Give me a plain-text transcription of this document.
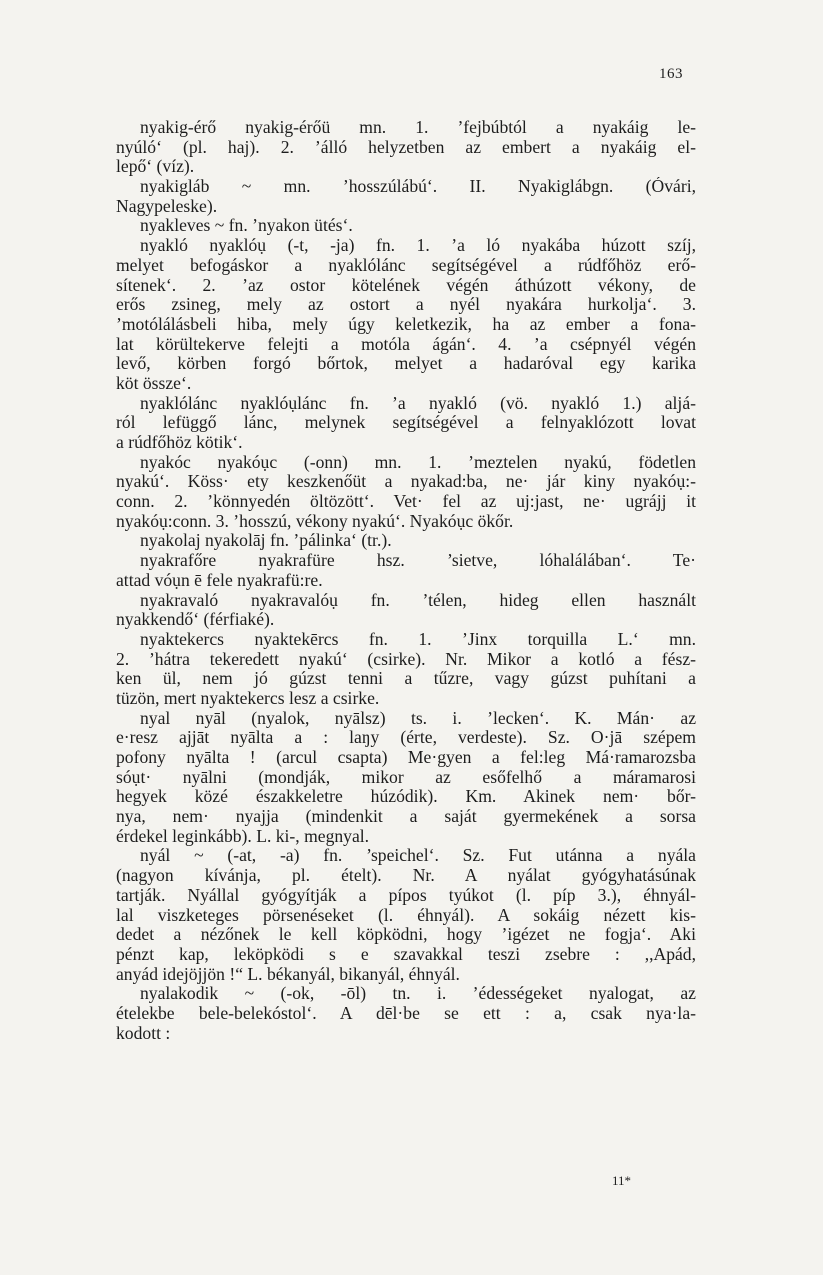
163
nyakig-érő nyakig-érőü mn. 1. ’fejbúbtól a nyakáig le-
nyúló‘ (pl. haj). 2. ’álló helyzetben az embert a nyakáig el-
lepő‘ (víz).
nyakigláb ~ mn. ’hosszúlábú‘. II. Nyakiglábgn. (Óvári,
Nagypeleske).
nyakleves ~ fn. ’nyakon ütés‘.
nyakló nyaklóụ (-t, -ja) fn. 1. ’a ló nyakába húzott szíj,
melyet befogáskor a nyaklólánc segítségével a rúdfőhöz erő-
sítenek‘. 2. ’az ostor kötelének végén áthúzott vékony, de
erős zsineg, mely az ostort a nyél nyakára hurkolja‘. 3.
’motólálásbeli hiba, mely úgy keletkezik, ha az ember a fona-
lat körültekerve felejti a motóla ágán‘. 4. ’a csépnyél végén
levő, körben forgó bőrtok, melyet a hadaróval egy karika
köt össze‘.
nyaklólánc nyaklóụlánc fn. ’a nyakló (vö. nyakló 1.) aljá-
ról lefüggő lánc, melynek segítségével a felnyaklózott lovat
a rúdfőhöz kötik‘.
nyakóc nyakóục (-onn) mn. 1. ’meztelen nyakú, födetlen
nyakú‘. Köss· ety keszkenőüt a nyakad:ba, ne· jár kiny nyakóụ:-
conn. 2. ’könnyedén öltözött‘. Vet· fel az uj:jast, ne· ugrájj it
nyakóụ:conn. 3. ’hosszú, vékony nyakú‘. Nyakóục ökőr.
nyakolaj nyakolāj fn. ’pálinka‘ (tr.).
nyakrafőre nyakrafüre hsz. ’sietve, lóhalálában‘. Te·
attad vóụn ē fele nyakrafü:re.
nyakravaló nyakravalóụ fn. ’télen, hideg ellen használt
nyakkendő‘ (férfiaké).
nyaktekercs nyaktekērcs fn. 1. ’Jinx torquilla L.‘ mn.
2. ’hátra tekeredett nyakú‘ (csirke). Nr. Mikor a kotló a fész-
ken ül, nem jó gúzst tenni a tűzre, vagy gúzst puhítani a
tüzön, mert nyaktekercs lesz a csirke.
nyal nyāl (nyalok, nyālsz) ts. i. ’lecken‘. K. Mán· az
e·resz ajjāt nyālta a : laŋy (érte, verdeste). Sz. O·jā szépem
pofony nyālta ! (arcul csapta) Me·gyen a fel:leg Má·ramarozsba
sóụt· nyālni (mondják, mikor az esőfelhő a máramarosi
hegyek közé északkeletre húzódik). Km. Akinek nem· bőr-
nya, nem· nyajja (mindenkit a saját gyermekének a sorsa
érdekel leginkább). L. ki-, megnyal.
nyál ~ (-at, -a) fn. ’speichel‘. Sz. Fut utánna a nyála
(nagyon kívánja, pl. ételt). Nr. A nyálat gyógyhatásúnak
tartják. Nyállal gyógyítják a pípos tyúkot (l. píp 3.), éhnyál-
lal viszketeges pörsenéseket (l. éhnyál). A sokáig nézett kis-
dedet a nézőnek le kell köpködni, hogy ’igézet ne fogja‘. Aki
pénzt kap, leköpködi s e szavakkal teszi zsebre : ,,Apád,
anyád idejöjjön !“ L. békanyál, bikanyál, éhnyál.
nyalakodik ~ (-ok, -ōl) tn. i. ’édességeket nyalogat, az
ételekbe bele-belekóstol‘. A dēl·be se ett : a, csak nya·la-
kodott :
11*
